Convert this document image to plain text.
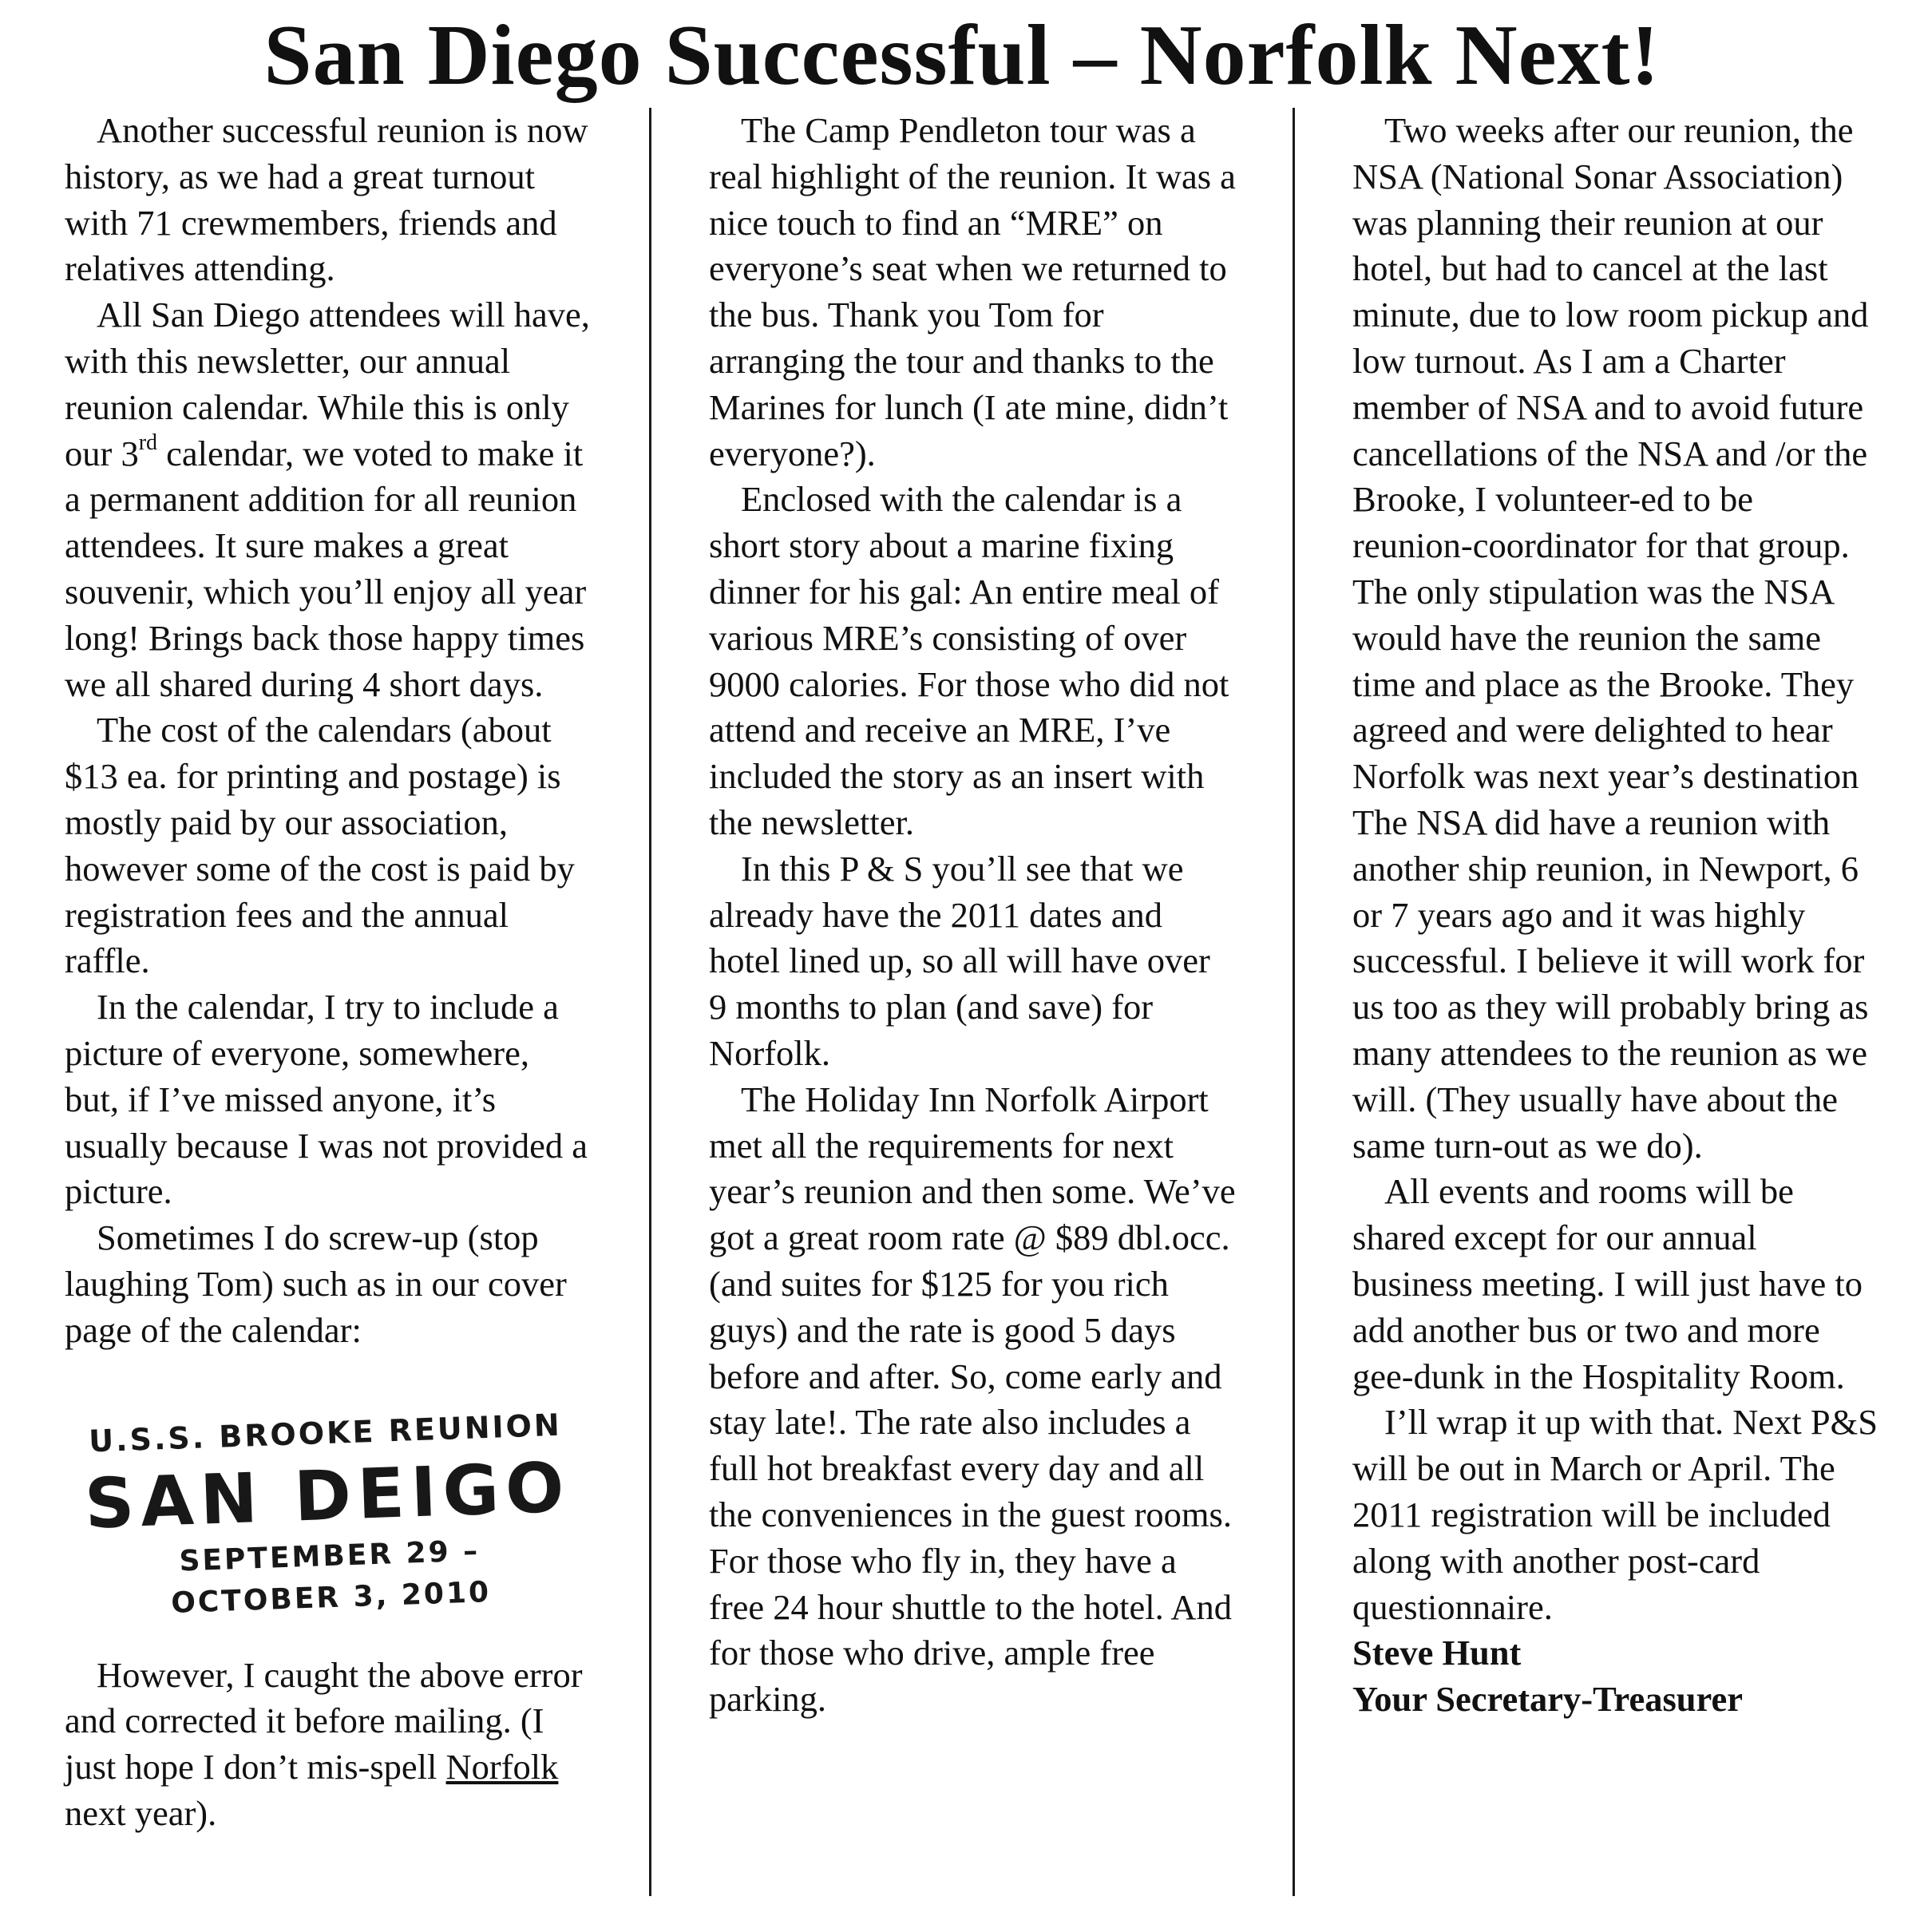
San Diego Successful – Norfolk Next!

Another successful reunion is now history, as we had a great turnout with 71 crewmembers, friends and relatives attending.

All San Diego attendees will have, with this newsletter, our annual reunion calendar. While this is only our 3rd calendar, we voted to make it a permanent addition for all reunion attendees. It sure makes a great souvenir, which you’ll enjoy all year long! Brings back those happy times we all shared during 4 short days.

The cost of the calendars (about $13 ea. for printing and postage) is mostly paid by our association, however some of the cost is paid by registration fees and the annual raffle.

In the calendar, I try to include a picture of everyone, somewhere, but, if I’ve missed anyone, it’s usually because I was not provided a picture.

Sometimes I do screw-up (stop laughing Tom) such as in our cover page of the calendar:

U.S.S. BROOKE REUNION
SAN DEIGO
SEPTEMBER 29 –
OCTOBER 3, 2010

However, I caught the above error and corrected it before mailing. (I just hope I don’t mis-spell Norfolk next year).

The Camp Pendleton tour was a real highlight of the reunion. It was a nice touch to find an “MRE” on everyone’s seat when we returned to the bus. Thank you Tom for arranging the tour and thanks to the Marines for lunch (I ate mine, didn’t everyone?).

Enclosed with the calendar is a short story about a marine fixing dinner for his gal: An entire meal of various MRE’s consisting of over 9000 calories. For those who did not attend and receive an MRE, I’ve included the story as an insert with the newsletter.

In this P & S you’ll see that we already have the 2011 dates and hotel lined up, so all will have over 9 months to plan (and save) for Norfolk.

The Holiday Inn Norfolk Airport met all the requirements for next year’s reunion and then some. We’ve got a great room rate @ $89 dbl.occ. (and suites for $125 for you rich guys) and the rate is good 5 days before and after. So, come early and stay late!. The rate also includes a full hot breakfast every day and all the conveniences in the guest rooms. For those who fly in, they have a free 24 hour shuttle to the hotel. And for those who drive, ample free parking.

Two weeks after our reunion, the NSA (National Sonar Association) was planning their reunion at our hotel, but had to cancel at the last minute, due to low room pickup and low turnout. As I am a Charter member of NSA and to avoid future cancellations of the NSA and /or the Brooke, I volunteer-ed to be reunion-coordinator for that group. The only stipulation was the NSA would have the reunion the same time and place as the Brooke. They agreed and were delighted to hear Norfolk was next year’s destination The NSA did have a reunion with another ship reunion, in Newport, 6 or 7 years ago and it was highly successful. I believe it will work for us too as they will probably bring as many attendees to the reunion as we will. (They usually have about the same turn-out as we do).

All events and rooms will be shared except for our annual business meeting. I will just have to add another bus or two and more gee-dunk in the Hospitality Room.

I’ll wrap it up with that. Next P&S will be out in March or April. The 2011 registration will be included along with another post-card questionnaire.

Steve Hunt

Your Secretary-Treasurer
